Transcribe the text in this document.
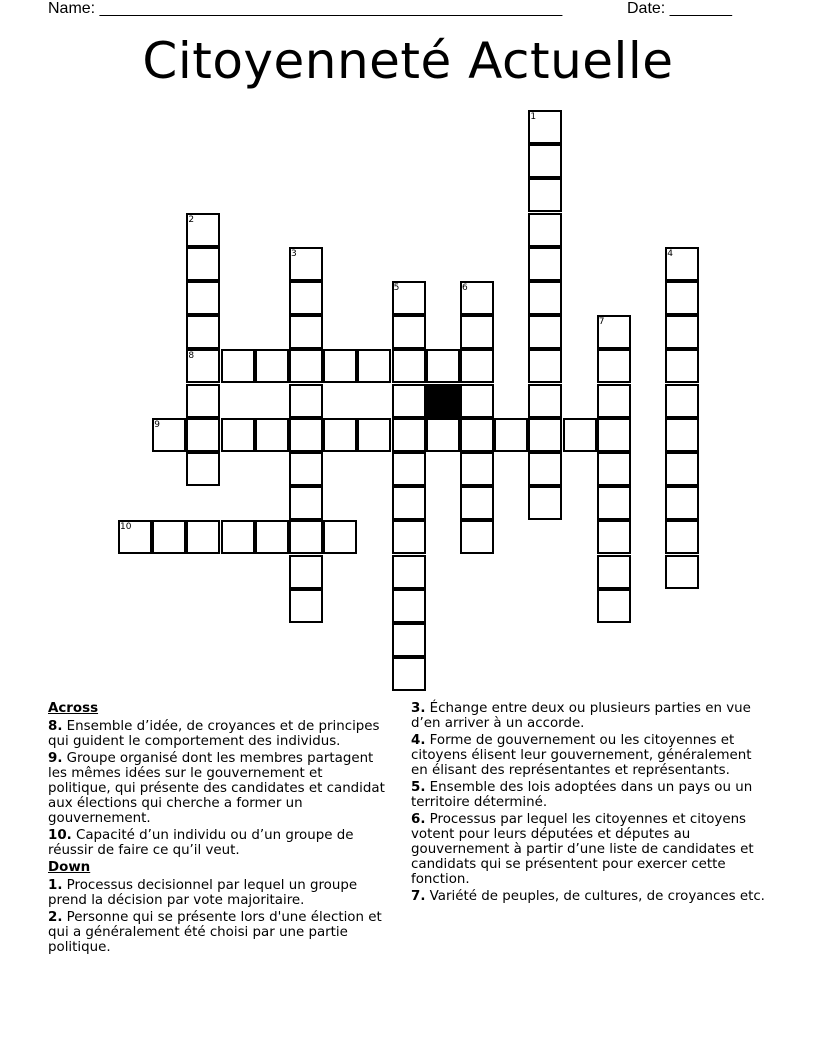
Name: ____________________________________________________	Date: _______
Citoyenneté Actuelle
1
2
8
3	4
5	6
7
9
10
Across
8. Ensemble d’idée, de croyances et de principes qui guident le comportement des individus.
9. Groupe organisé dont les membres partagent les mêmes idées sur le gouvernement et politique, qui présente des candidates et candidat aux élections qui cherche a former un gouvernement.
10. Capacité d’un individu ou d’un groupe de réussir de faire ce qu’il veut.
Down
1. Processus decisionnel par lequel un groupe prend la décision par vote majoritaire.
2. Personne qui se présente lors d'une élection et qui a généralement été choisi par une partie politique.
3. Échange entre deux ou plusieurs parties en vue d’en arriver à un accorde.
4. Forme de gouvernement ou les citoyennes et citoyens élisent leur gouvernement, généralement en élisant des représentantes et représentants.
5. Ensemble des lois adoptées dans un pays ou un territoire déterminé.
6. Processus par lequel les citoyennes et citoyens votent pour leurs députées et députes au gouvernement à partir d’une liste de candidates et candidats qui se présentent pour exercer cette fonction.
7. Variété de peuples, de cultures, de croyances etc.
